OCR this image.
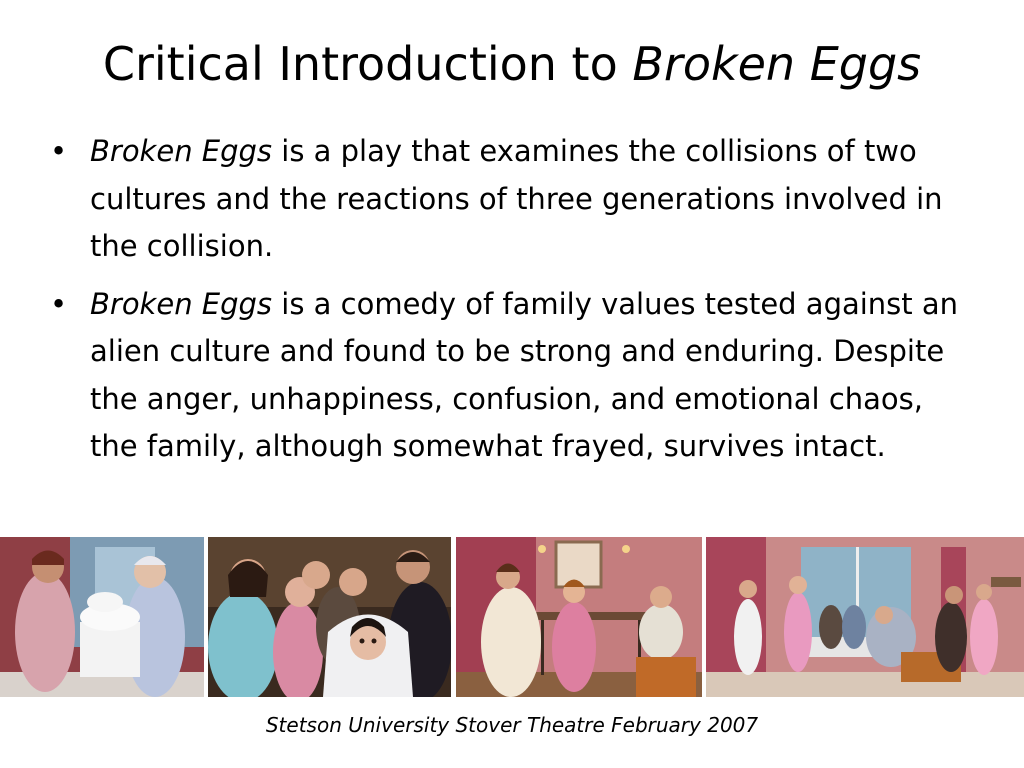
Critical Introduction to Broken Eggs
• Broken Eggs is a play that examines the collisions of two cultures and the reactions of three generations involved in the collision.
• Broken Eggs is a comedy of family values tested against an alien culture and found to be strong and enduring. Despite the anger, unhappiness, confusion, and emotional chaos, the family, although somewhat frayed, survives intact.
Stetson University Stover Theatre February 2007
